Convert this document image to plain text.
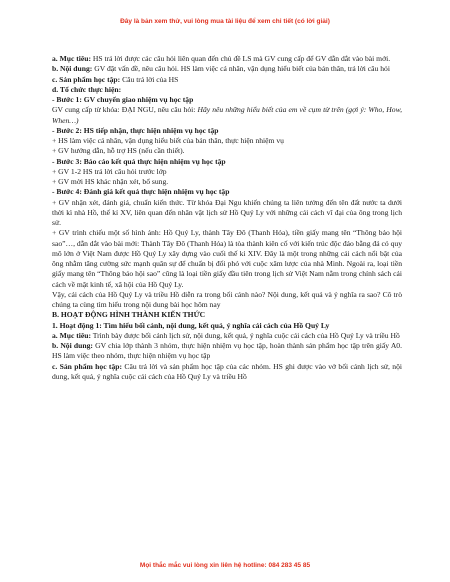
Đây là bản xem thử, vui lòng mua tài liệu để xem chi tiết (có lời giải)

a. Mục tiêu: HS trả lời được các câu hỏi liên quan đến chủ đề LS mà GV cung cấp để GV dẫn dắt vào bài mới.

b. Nội dung: GV đặt vấn đề, nêu câu hỏi. HS làm việc cá nhân, vận dụng hiểu biết của bản thân, trả lời câu hỏi

c. Sản phẩm học tập: Câu trả lời của HS

d. Tổ chức thực hiện:

- Bước 1: GV chuyển giao nhiệm vụ học tập

GV cung cấp từ khóa: ĐẠI NGU, nêu câu hỏi: Hãy nêu những hiểu biết của em về cụm từ trên (gợi ý: Who, How, When…)

- Bước 2: HS tiếp nhận, thực hiện nhiệm vụ học tập

+ HS làm việc cá nhân, vận dụng hiểu biết của bản thân, thực hiện nhiệm vụ

+ GV hướng dẫn, hỗ trợ HS (nếu cần thiết).

- Bước 3: Báo cáo kết quả thực hiện nhiệm vụ học tập

+ GV 1-2 HS trả lời câu hỏi trước lớp

+ GV mời HS khác nhận xét, bổ sung.

- Bước 4: Đánh giá kết quả thực hiện nhiệm vụ học tập

+ GV nhận xét, đánh giá, chuẩn kiến thức. Từ khóa Đại Ngu khiến chúng ta liên tưởng đến tên đất nước ta dưới thời kì nhà Hồ, thế kỉ XV, liên quan đến nhân vật lịch sử Hồ Quý Ly với những cải cách vĩ đại của ông trong lịch sử.

+ GV trình chiếu một số hình ảnh: Hồ Quý Ly, thành Tây Đô (Thanh Hóa), tiền giấy mang tên “Thông bảo hội sao”…, dẫn dắt vào bài mới: Thành Tây Đô (Thanh Hóa) là tòa thành kiên cố với kiến trúc độc đáo bằng đá có quy mô lớn ở Việt Nam được Hồ Quý Ly xây dựng vào cuối thế kỉ XIV. Đây là một trong những cải cách nổi bật của ông nhằm tăng cường sức mạnh quân sự để chuẩn bị đối phó với cuộc xâm lược của nhà Minh. Ngoài ra, loại tiền giấy mang tên “Thông bảo hội sao” cũng là loại tiền giấy đầu tiên trong lịch sử Việt Nam nằm trong chính sách cải cách về mặt kinh tế, xã hội của Hồ Quý Ly.

Vậy, cải cách của Hồ Quý Ly và triều Hồ diễn ra trong bối cảnh nào? Nội dung, kết quả và ý nghĩa ra sao? Cô trò chúng ta cùng tìm hiểu trong nội dung bài học hôm nay

B. HOẠT ĐỘNG HÌNH THÀNH KIẾN THỨC

1. Hoạt động 1: Tìm hiểu bối cảnh, nội dung, kết quả, ý nghĩa cải cách của Hồ Quý Ly

a. Mục tiêu: Trình bày được bối cảnh lịch sử, nội dung, kết quả, ý nghĩa cuộc cải cách của Hồ Quý Ly và triều Hồ

b. Nội dung: GV chia lớp thành 3 nhóm, thực hiện nhiệm vụ học tập, hoàn thành sản phẩm học tập trên giấy A0. HS làm việc theo nhóm, thực hiện nhiệm vụ học tập

c. Sản phẩm học tập: Câu trả lời và sản phẩm học tập của các nhóm. HS ghi được vào vở bối cảnh lịch sử, nội dung, kết quả, ý nghĩa cuộc cải cách của Hồ Quý Ly và triều Hồ

Mọi thắc mắc vui lòng xin liên hệ hotline: 084 283 45 85
